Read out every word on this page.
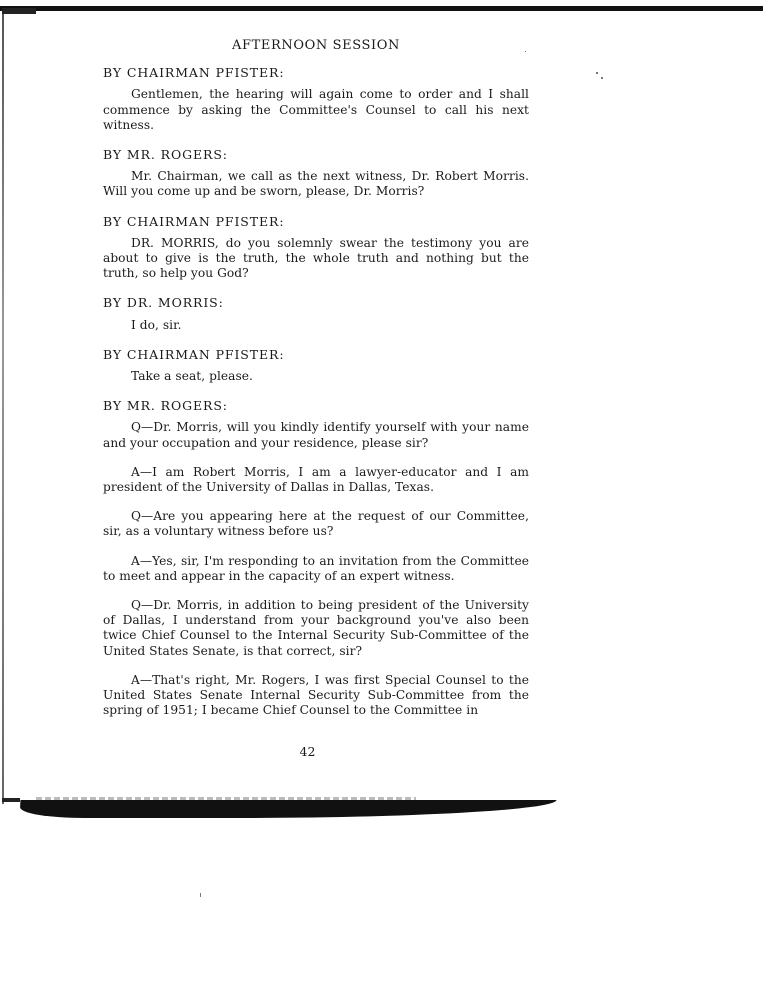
AFTERNOON SESSION
BY CHAIRMAN PFISTER:

Gentlemen, the hearing will again come to order and I shall commence by asking the Committee's Counsel to call his next witness.

BY MR. ROGERS:

Mr. Chairman, we call as the next witness, Dr. Robert Morris. Will you come up and be sworn, please, Dr. Morris?

BY CHAIRMAN PFISTER:

DR. MORRIS, do you solemnly swear the testimony you are about to give is the truth, the whole truth and nothing but the truth, so help you God?

BY DR. MORRIS:

I do, sir.

BY CHAIRMAN PFISTER:

Take a seat, please.

BY MR. ROGERS:

Q—Dr. Morris, will you kindly identify yourself with your name and your occupation and your residence, please sir?

A—I am Robert Morris, I am a lawyer-educator and I am president of the University of Dallas in Dallas, Texas.

Q—Are you appearing here at the request of our Committee, sir, as a voluntary witness before us?

A—Yes, sir, I'm responding to an invitation from the Committee to meet and appear in the capacity of an expert witness.

Q—Dr. Morris, in addition to being president of the University of Dallas, I understand from your background you've also been twice Chief Counsel to the Internal Security Sub-Committee of the United States Senate, is that correct, sir?

A—That's right, Mr. Rogers, I was first Special Counsel to the United States Senate Internal Security Sub-Committee from the spring of 1951; I became Chief Counsel to the Committee in

42
